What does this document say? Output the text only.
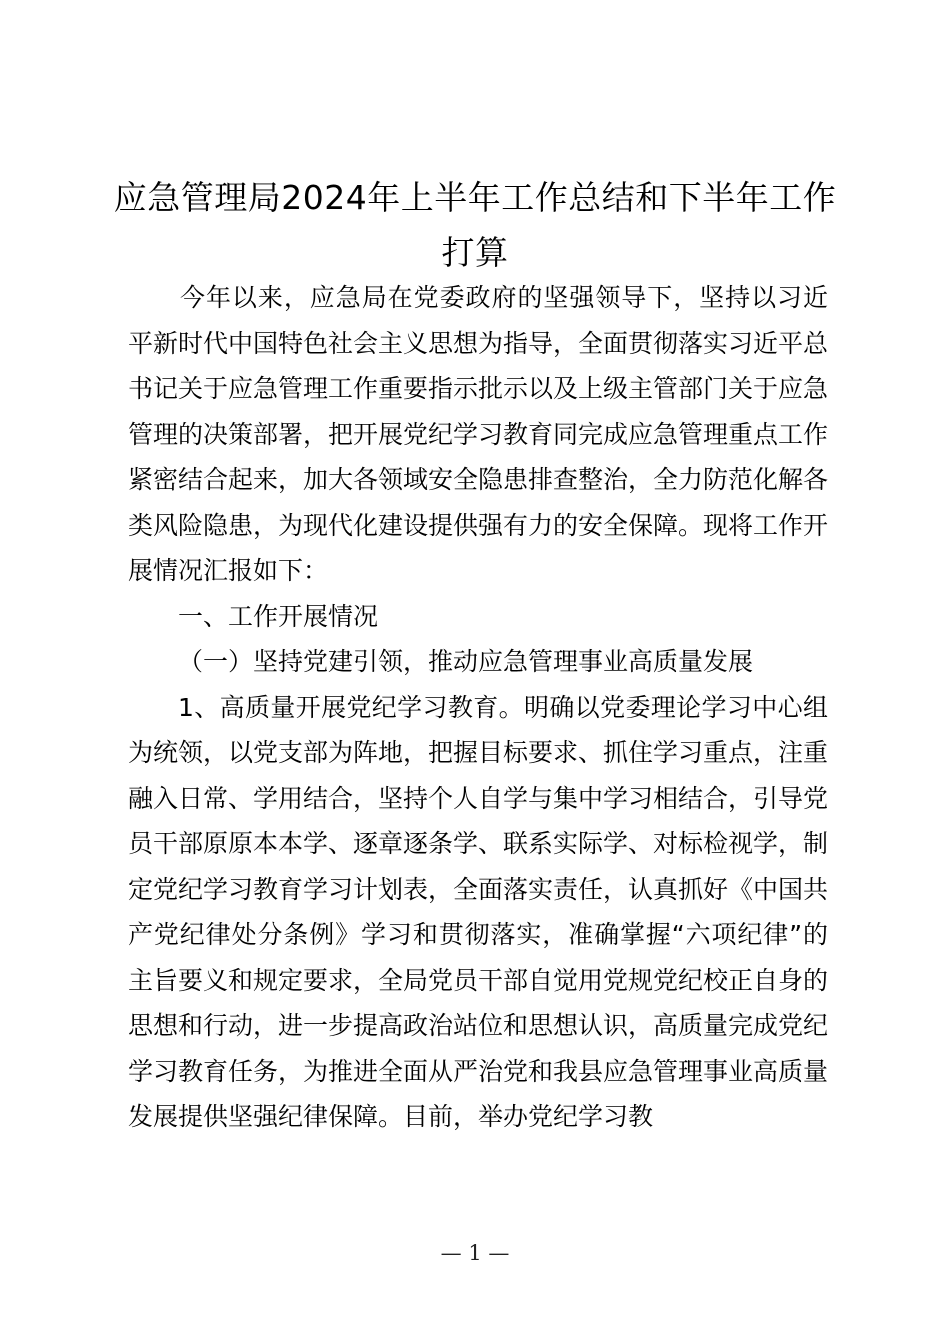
应急管理局2024年上半年工作总结和下半年工作打算

今年以来，应急局在党委政府的坚强领导下，坚持以习近平新时代中国特色社会主义思想为指导，全面贯彻落实习近平总书记关于应急管理工作重要指示批示以及上级主管部门关于应急管理的决策部署，把开展党纪学习教育同完成应急管理重点工作紧密结合起来，加大各领域安全隐患排查整治，全力防范化解各类风险隐患，为现代化建设提供强有力的安全保障。现将工作开展情况汇报如下：

一、工作开展情况

（一）坚持党建引领，推动应急管理事业高质量发展

1、高质量开展党纪学习教育。明确以党委理论学习中心组为统领，以党支部为阵地，把握目标要求、抓住学习重点，注重融入日常、学用结合，坚持个人自学与集中学习相结合，引导党员干部原原本本学、逐章逐条学、联系实际学、对标检视学，制定党纪学习教育学习计划表，全面落实责任，认真抓好《中国共产党纪律处分条例》学习和贯彻落实，准确掌握“六项纪律”的主旨要义和规定要求，全局党员干部自觉用党规党纪校正自身的思想和行动，进一步提高政治站位和思想认识，高质量完成党纪学习教育任务，为推进全面从严治党和我县应急管理事业高质量发展提供坚强纪律保障。目前，举办党纪学习教

— 1 —
